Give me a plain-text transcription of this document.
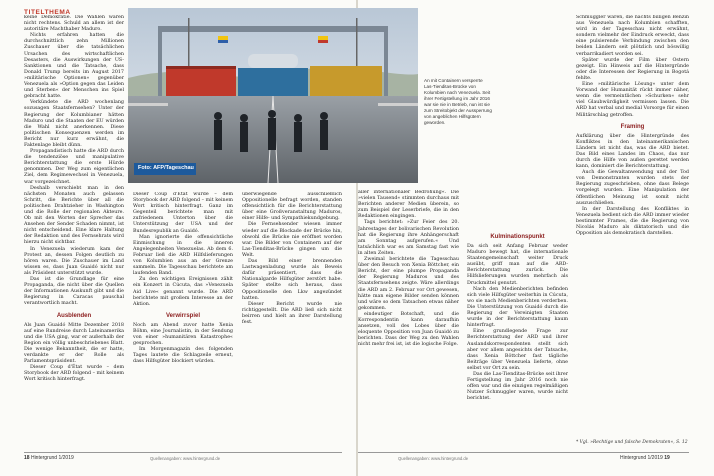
TITELTHEMA

keine Demokratie. Die Wahlen waren nicht rechtens. Schuld an allem ist der autoritäre Machthaber Maduro.

Nichts erfahren hatten die durchschnittlich zehn Millionen Zuschauer über die tatsächlichen Ursachen des wirtschaftlichen Desasters, die Auswirkungen der US-Sanktionen und die Tatsache, dass Donald Trump bereits im August 2017 »militärische Optionen« gegenüber Venezuela als »Option gegen das Leiden und Sterben« der Menschen ins Spiel gebracht hatte.

Verkündete die ARD wochenlang sozusagen Staatsfernsehen? Unter der Regierung der Kolumbianer hätten Maduro und die Staaten der EU würden die Wahl nicht anerkennen. Diese politischen Konsequenzen werden im Bericht nur kurz erwähnt, die Faktenlage bleibt dünn.

Propagandistisch hatte die ARD durch die tendenziöse und manipulative Berichterstattung die erste Hürde genommen. Der Weg zum eigentlichen Ziel, dem Regimewechsel in Venezuela, war vorgezeichnet.

Deshalb verschiebt man in den nächsten Monaten auch gelassen Schritt, die Berichte über all die politischen Drahtzieher in Washington und die Rolle der regionalen Akteure. Ob mit den Worten der Sprecher das Ansehen der Sender Schaden nimmt, ist nicht entscheidend. Eine klare Haltung der Redaktion und des Fernsehrats wird hierzu nicht sichtbar.

In Venezuela wiederum kam der Protest an, dessen Folgen deutlich zu hören waren. Die Zuschauer im Land wissen es, dass Juan Guaidó nicht nur als Präsident unterstützt wurde.

Das ist die Grundlage für eine Propaganda, die nicht über die Quellen der Informationen Auskunft gibt und die Regierung in Caracas pauschal verantwortlich macht.

Ausblenden

Als Juan Guaidó Mitte Dezember 2018 auf eine Rundreise durch Lateinamerika und die USA ging, war er außerhalb der Region ein völlig unbeschriebenes Blatt. Die wenige Bekanntheit, die er hatte, verdankte er der Rolle als Parlamentspräsident.

Dieser Coup d'État wurde – dem Storybook der ARD folgend – mit keinem Wort kritisch hinterfragt.

Dieser Coup d'État wurde – dem Storybook der ARD folgend – mit keinem Wort kritisch hinterfragt. Ganz im Gegenteil berichtete man mit zufriedenem Unterton über die Unterstützung der USA und der Bundesrepublik an Guaidó.

Man ignorierte die offensichtliche Einmischung in die inneren Angelegenheiten Venezuelas. Ab dem 6. Februar ließ die ARD Hilfslieferungen von Kolumbien aus an der Grenze sammeln. Die Tagesschau berichtete am laufenden Band.

Zu den wichtigen Ereignissen zählt ein Konzert in Cúcuta, das »Venezuela Aid Live« genannt wurde. Die ARD berichtete mit großem Interesse an der Aktion.

Verwirrspiel

Noch am Abend zuvor hatte Xenia Böhm, eine Journalistin, in der Sendung von einer »humanitären Katastrophe« gesprochen.

Im Morgenmagazin des folgenden Tages lautete die Schlagzeile erneut, dass Hilfsgüter blockiert würden.

überwiegende ausschließlich Oppositionelle befragt worden, standen offensichtlich für die Berichterstattung über eine Großveranstaltung Maduros, einer Hilfe- und Sympathiekundgebung.

Die Fernsehsender wiesen immer wieder auf die Blockade der Brücke hin, obwohl die Brücke nie eröffnet worden war. Die Bilder von Containern auf der Las-Tienditas-Brücke gingen um die Welt.

Das Bild einer brennenden Lastwagenladung wurde als Beweis dafür präsentiert, dass die Nationalgarde Hilfsgüter zerstört habe. Später stellte sich heraus, dass Oppositionelle den Lkw angezündet hatten.

Dieser Bericht wurde nie richtiggestellt. Die ARD ließ sich nicht beirren und hielt an ihrer Darstellung fest.

18 Hintergrund 1/2019	Quellenangaben: www.hintergrund.de

aller internationaler Bedrohung«. Die »vielen Tausend« stimmten durchaus mit Berichten anderer Medien überein, so zum Beispiel der Leserbriefe, die in den Redaktionen eingingen.

Tags berichtet: »Zur Feier des 20. Jahrestages der bolivarischen Revolution hat die Regierung ihre Anhängerschaft am Sonntag aufgerufen.« Und tatsächlich war es am Samstag fast wie in alten Zeiten.

Zweimal berichtete die Tagesschau über den Besuch von Xenia Böttcher, ein Bericht, der eine plumpe Propaganda der Regierung Maduros und des Staatsfernsehens zeigte. Wäre allerdings die ARD am 2. Februar vor Ort gewesen, hätte man eigene Bilder senden können und wäre so dem Tatsachen etwas näher gekommen.

eindeutiger Botschaft, und die Korrespondentin kann daraufhin ansetzen, voll des Lobes über die eloquente Opposition von Juan Guaidó zu berichten. Dass der Weg zu den Wahlen nicht mehr frei ist, ist die logische Folge.

Kulminationspunkt

Da sich seit Anfang Februar weder Maduro bewegt hat, die internationale Staatengemeinschaft weiter Druck ausübt, griff man auf die ARD-Berichterstattung zurück. Die Hilfslieferungen wurden mehrfach als Druckmittel genutzt.

Nach den Medienberichten befinden sich viele Hilfsgüter weiterhin in Cúcuta, wo sie nach Medienberichten verderben. Die Unterstützung von Guaidó durch die Regierung der Vereinigten Staaten wurde in der Berichterstattung kaum hinterfragt.

Eine grundlegende Frage zur Berichterstattung der ARD und ihrer Auslandskorrespondenten stellt sich aber vor allem angesichts der Tatsache, dass Xenia Böttcher fast tägliche Beiträge über Venezuela lieferte, ohne selbst vor Ort zu sein.

Das die Las-Tienditas-Brücke seit ihrer Fertigstellung im Jahr 2016 noch nie offen war und die einzigen regelmäßigen Nutzer Schmuggler waren, wurde nicht berichtet.

Schmuggler waren, die nachts billigen Benzin aus Venezuela nach Kolumbien schafften, wird in der Tagesschau nicht erwähnt, sondern vielmehr der Eindruck erweckt, dass eine pulsierende Verbindung zwischen den beiden Ländern seit plötzlich und böswillig verbarrikadiert worden sei.

Später wurde der Film über Ostern gezeigt. Ein Hinweis auf die Hintergründe oder die Interessen der Regierung in Bogotá fehlte.

Eine »militärische Lösung« unter dem Vorwand der Humanität rückt immer näher, wenn die vermeintlichen »Schurken« sehr viel Glaubwürdigkeit vermissen lassen. Die ARD hat verbal und medial Vorsorge für einen Militärschlag getroffen.

Framing

Aufklärung über die Hintergründe des Konfliktes in den lateinamerikanischen Ländern ist nicht das, was die ARD bietet. Das Bild eines Landes im Chaos, das nur durch die Hilfe von außen gerettet werden kann, dominiert die Berichterstattung.

Auch die Gewaltanwendung und der Tod von Demonstranten wurden stets der Regierung zugeschrieben, ohne dass Belege vorgelegt wurden. Eine Manipulation der öffentlichen Meinung ist somit nicht auszuschließen.

In der Darstellung des Konfliktes in Venezuela bedient sich die ARD immer wieder bestimmter Frames, die die Regierung von Nicolás Maduro als diktatorisch und die Opposition als demokratisch darstellen.

* Vgl. »Rechtige und falsche Demokraten«, S. 12
Quellenangaben: www.hintergrund.de	Hintergrund 1/2019 19
Foto: AFP/Tageschau
An mit Containern versperrte Las-Tienditas-Brücke von Kolumbien nach Venezuela. Seit ihrer Fertigstellung im Jahr 2016 war sie nie in Betrieb, nun ist sie zum Streitobjekt der Aussperrung von angeblichen Hilfsgütern geworden.
